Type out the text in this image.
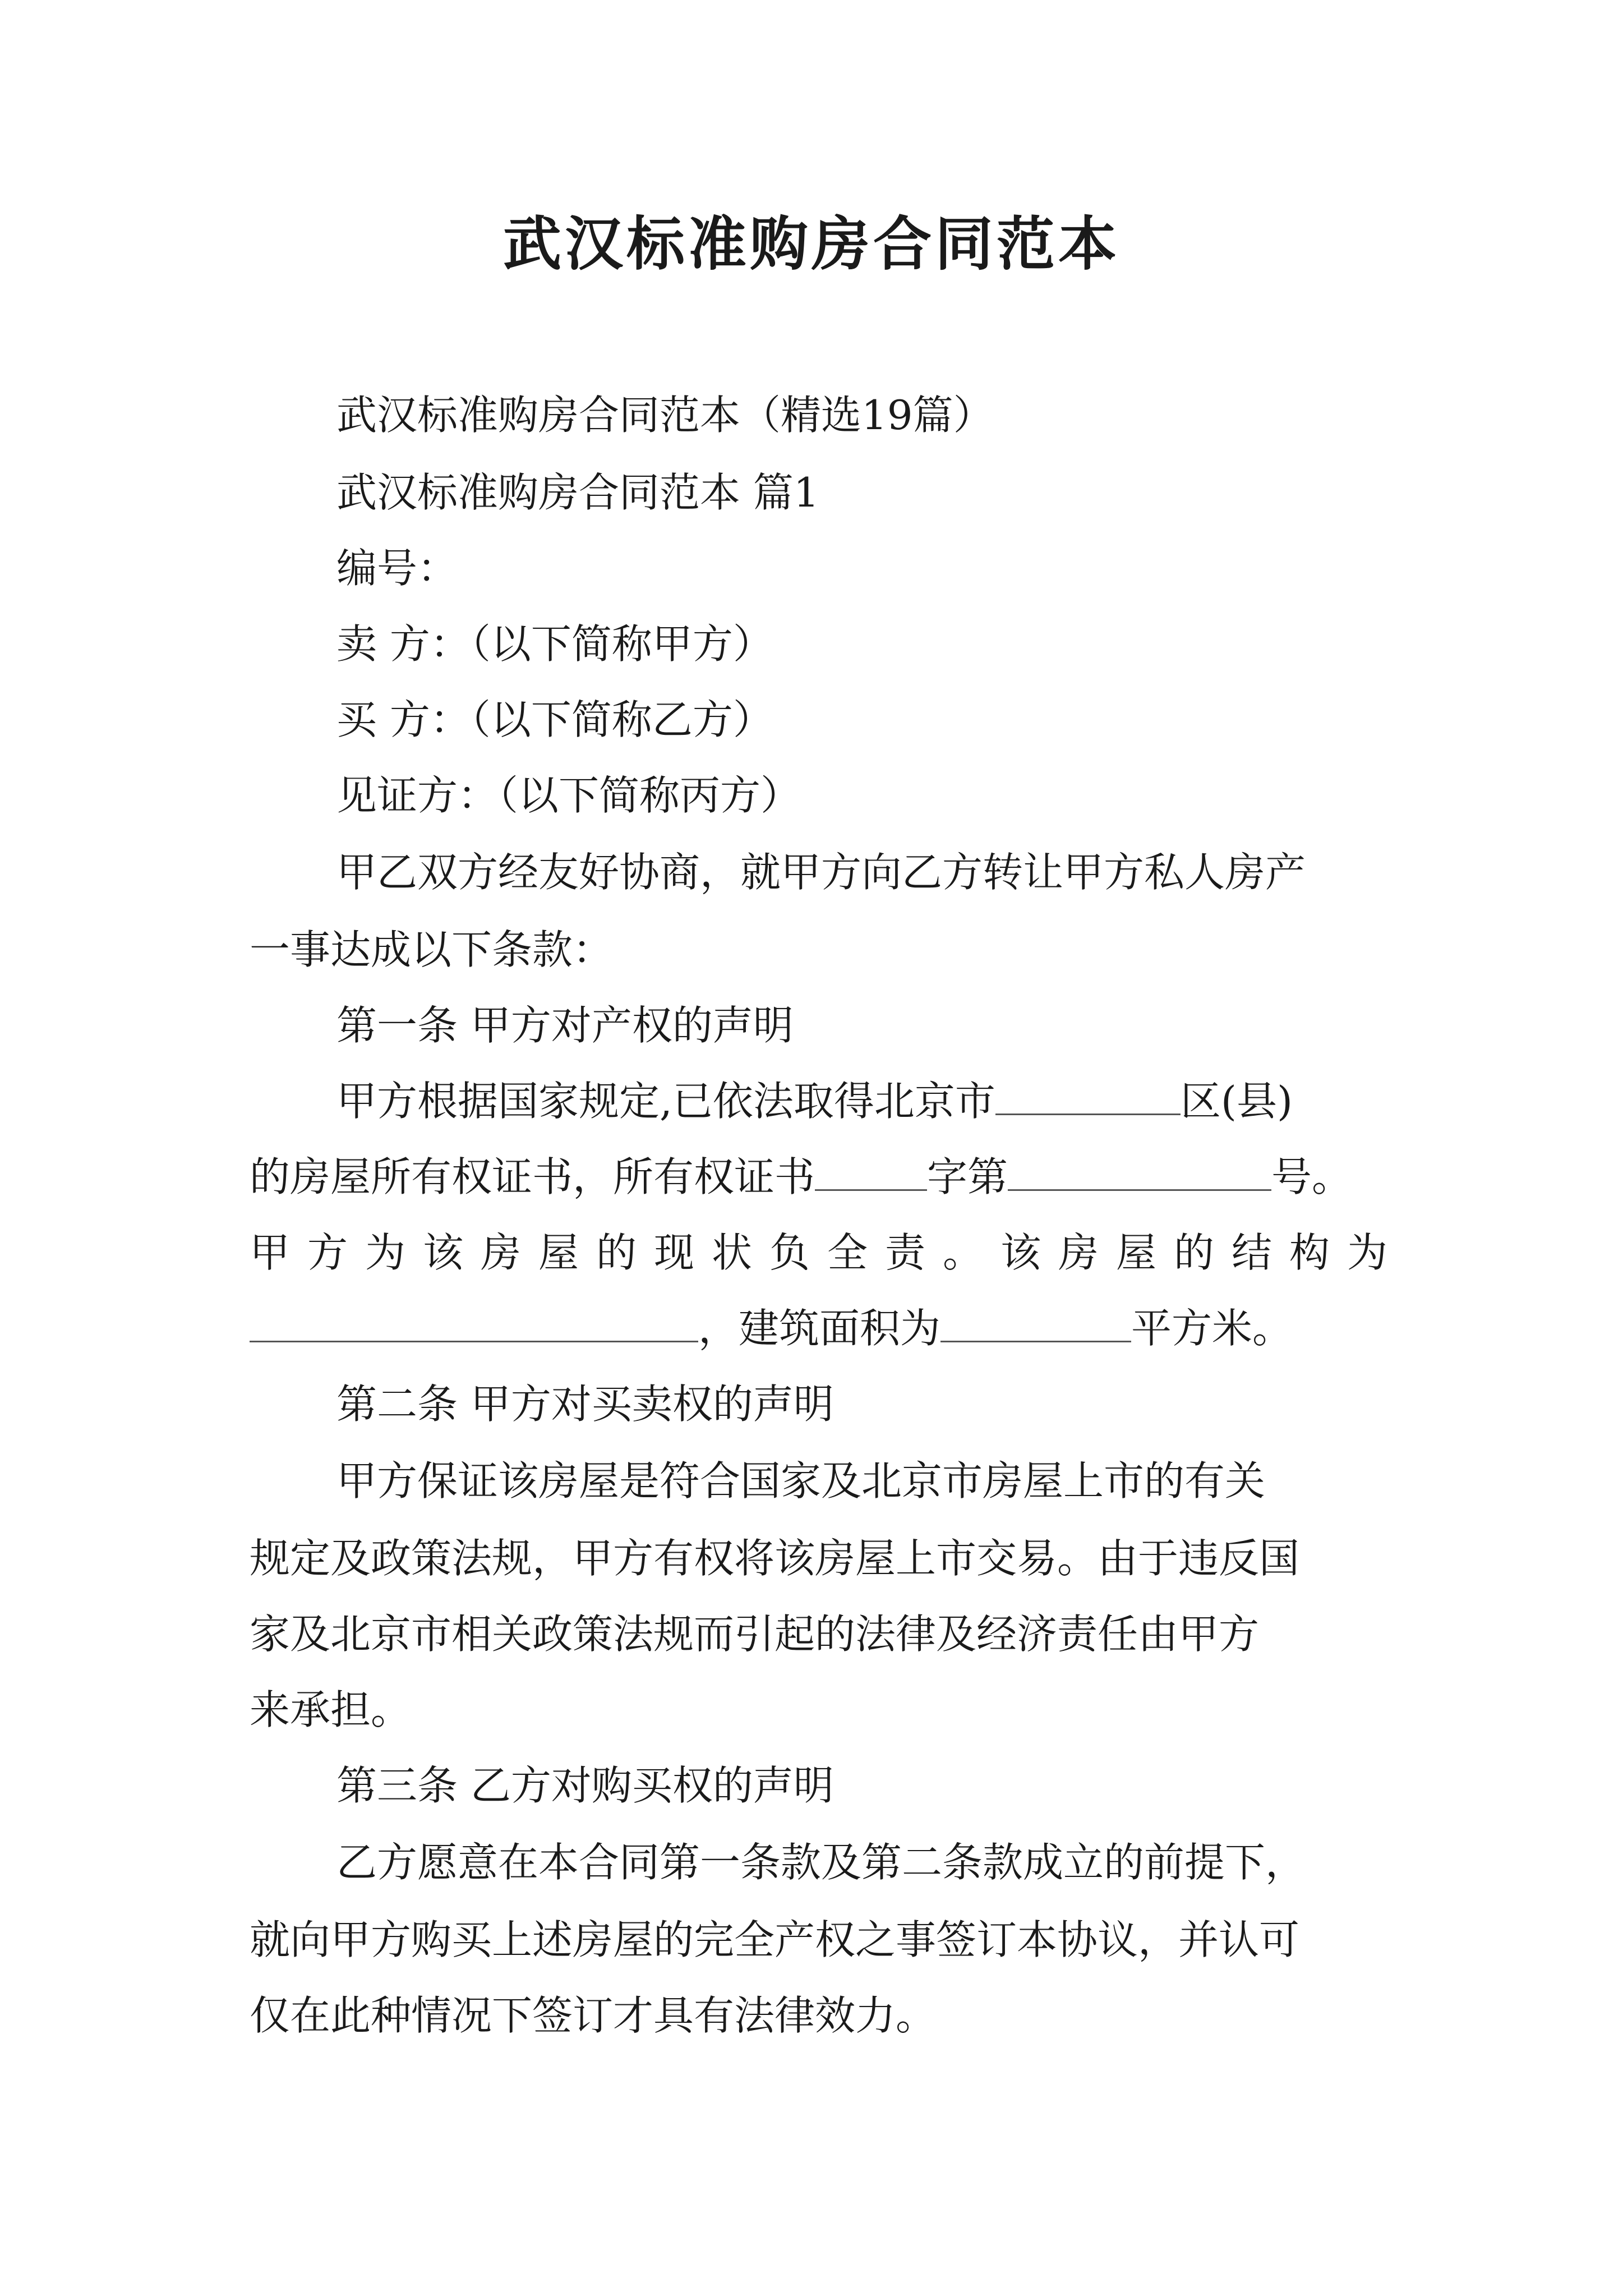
武汉标准购房合同范本
武汉标准购房合同范本（精选19篇）
武汉标准购房合同范本 篇1
编号：
卖 方：（以下简称甲方）
买 方：（以下简称乙方）
见证方：（以下简称丙方）
甲乙双方经友好协商，就甲方向乙方转让甲方私人房产
一事达成以下条款：
第一条 甲方对产权的声明
甲方根据国家规定,已依法取得北京市	区(县)
的房屋所有权证书，所有权证书	字第	号。
甲方为该房屋的现状负全责。该房屋的结构为
，建筑面积为	平方米。
第二条 甲方对买卖权的声明
甲方保证该房屋是符合国家及北京市房屋上市的有关
规定及政策法规，甲方有权将该房屋上市交易。由于违反国
家及北京市相关政策法规而引起的法律及经济责任由甲方
来承担。
第三条 乙方对购买权的声明
乙方愿意在本合同第一条款及第二条款成立的前提下，
就向甲方购买上述房屋的完全产权之事签订本协议，并认可
仅在此种情况下签订才具有法律效力。
